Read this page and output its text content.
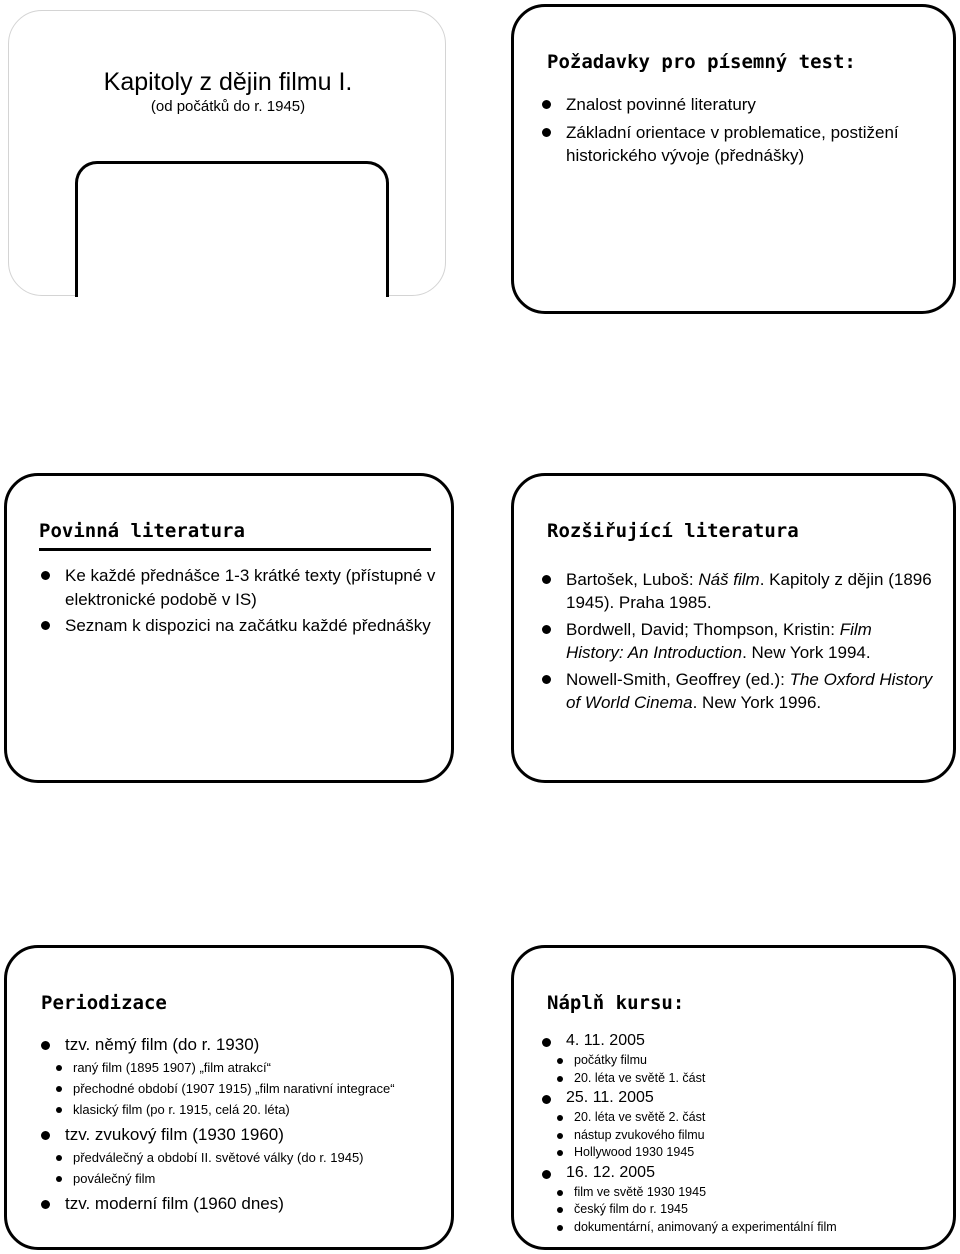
Kapitoly z dějin filmu I.
(od počátků do r. 1945)
Požadavky pro písemný test:
Znalost povinné literatury
Základní orientace v problematice, postižení historického vývoje (přednášky)
Povinná literatura
Ke každé přednášce 1-3 krátké texty (přístupné v elektronické podobě v IS)
Seznam k dispozici na začátku každé přednášky
Rozšiřující literatura
Bartošek, Luboš: Náš film. Kapitoly z dějin (1896 1945). Praha 1985.
Bordwell, David; Thompson, Kristin: Film History: An Introduction. New York 1994.
Nowell-Smith, Geoffrey (ed.): The Oxford History of World Cinema. New York 1996.
Periodizace
tzv. němý film (do r. 1930)
raný film (1895 1907) „film atrakcí“
přechodné období (1907 1915) „film narativní integrace“
klasický film (po r. 1915, celá 20. léta)
tzv. zvukový film (1930 1960)
předválečný a období II. světové války (do r. 1945)
poválečný film
tzv. moderní film (1960 dnes)
Náplň kursu:
4. 11. 2005
počátky filmu
20. léta ve světě 1. část
25. 11. 2005
20. léta ve světě 2. část
nástup zvukového filmu
Hollywood 1930 1945
16. 12. 2005
film ve světě 1930 1945
český film do r. 1945
dokumentární, animovaný a experimentální film
